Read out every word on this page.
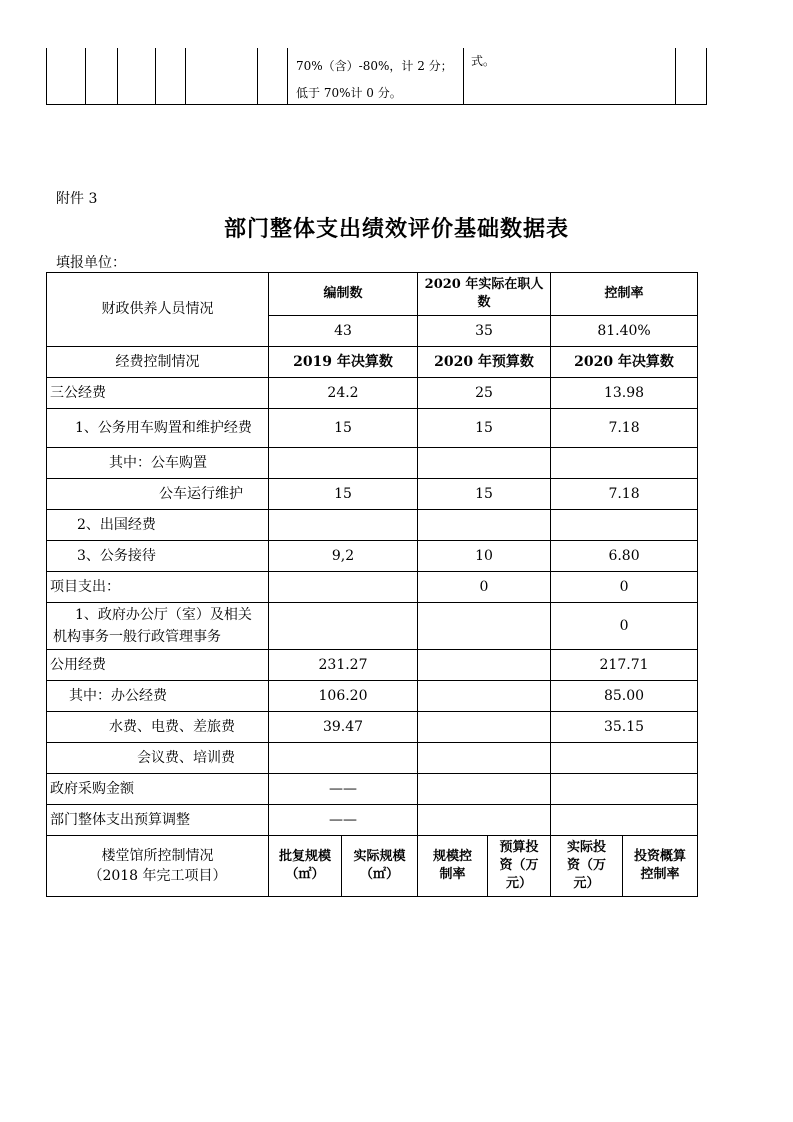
70%（含）-80%，计 2 分；
低于 70%计 0 分。
式。
附件 3
部门整体支出绩效评价基础数据表
填报单位：
财政供养人员情况	编制数		2020 年实际在职人数		控制率	
	43		35		81.40%	
经费控制情况	2019 年决算数		2020 年预算数		2020 年决算数	
三公经费	24.2		25		13.98	
1、公务用车购置和维护经费	15		15		7.18	
其中：公车购置						
公车运行维护	15		15		7.18	
2、出国经费						
3、公务接待	9,2		10		6.80	
项目支出：			0		0	
1、政府办公厅（室）及相关机构事务一般行政管理事务					0	
公用经费	231.27				217.71	
其中：办公经费	106.20				85.00	
水费、电费、差旅费	39.47				35.15	
会议费、培训费						
政府采购金额	——					
部门整体支出预算调整	——					

楼堂馆所控制情况
（2018 年完工项目）	批复规模（㎡）	实际规模（㎡）	规模控制率	预算投资（万元）	实际投资（万元）	投资概算控制率
